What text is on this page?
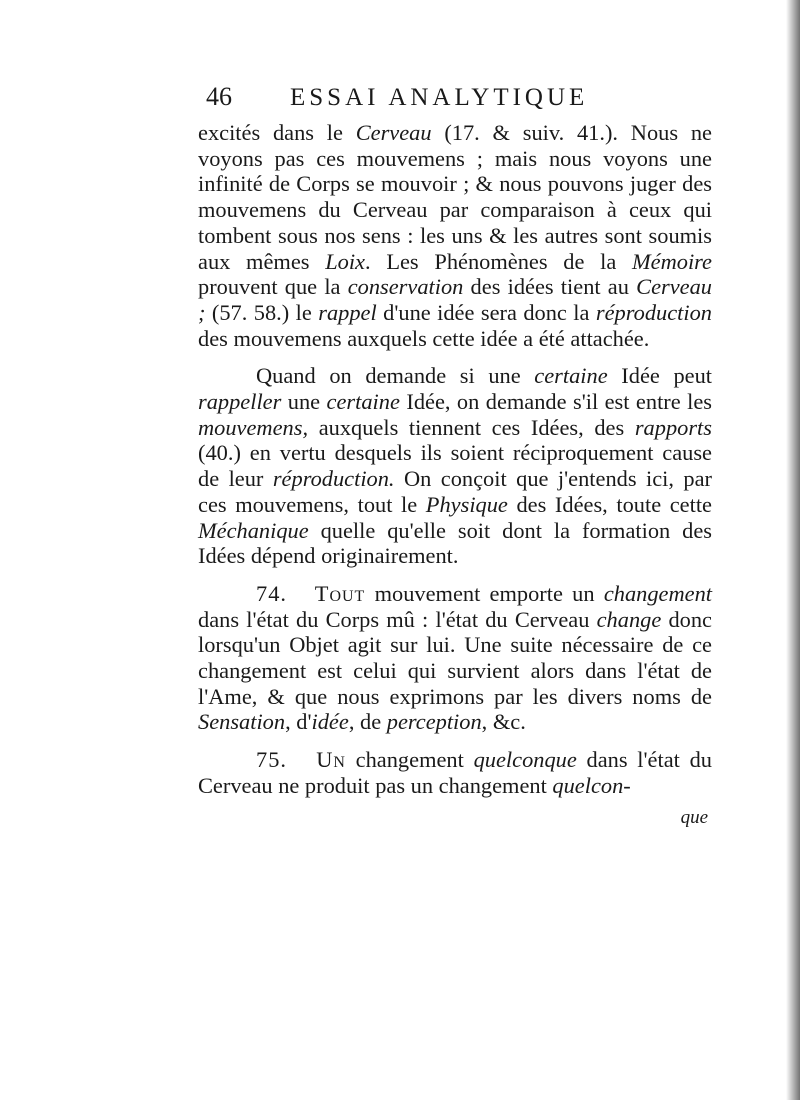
46 ESSAI ANALYTIQUE

excités dans le Cerveau (17. & suiv. 41.). Nous ne voyons pas ces mouvemens ; mais nous voyons une infinité de Corps se mouvoir ; & nous pouvons juger des mouvemens du Cerveau par comparaison à ceux qui tombent sous nos sens : les uns & les autres sont soumis aux mêmes Loix. Les Phénomènes de la Mémoire prouvent que la conservation des idées tient au Cerveau ; (57. 58.) le rappel d'une idée sera donc la réproduction des mouvemens auxquels cette idée a été attachée.

Quand on demande si une certaine Idée peut rappeller une certaine Idée, on demande s'il est entre les mouvemens, auxquels tiennent ces Idées, des rapports (40.) en vertu desquels ils soient réciproquement cause de leur réproduction. On conçoit que j'entends ici, par ces mouvemens, tout le Physique des Idées, toute cette Méchanique quelle qu'elle soit dont la formation des Idées dépend originairement.

74. Tout mouvement emporte un changement dans l'état du Corps mû : l'état du Cerveau change donc lorsqu'un Objet agit sur lui. Une suite nécessaire de ce changement est celui qui survient alors dans l'état de l'Ame, & que nous exprimons par les divers noms de Sensation, d'idée, de perception, &c.

75. Un changement quelconque dans l'état du Cerveau ne produit pas un changement quelcon-

que
